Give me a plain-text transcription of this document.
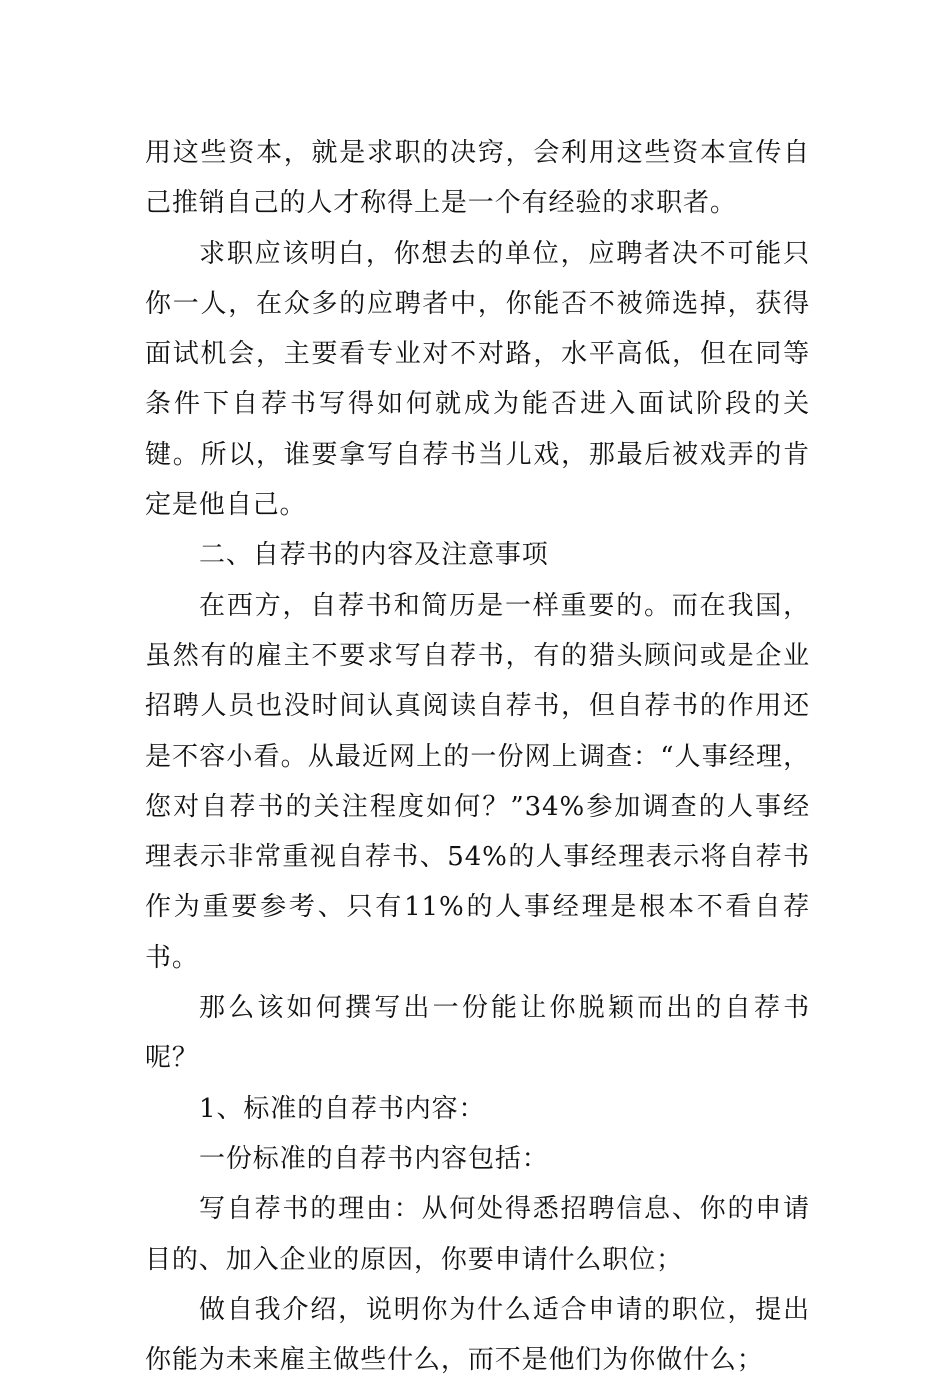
用这些资本，就是求职的决窍，会利用这些资本宣传自己推销自己的人才称得上是一个有经验的求职者。

求职应该明白，你想去的单位，应聘者决不可能只你一人，在众多的应聘者中，你能否不被筛选掉，获得面试机会，主要看专业对不对路，水平高低，但在同等条件下自荐书写得如何就成为能否进入面试阶段的关键。所以，谁要拿写自荐书当儿戏，那最后被戏弄的肯定是他自己。

二、自荐书的内容及注意事项

在西方，自荐书和简历是一样重要的。而在我国，虽然有的雇主不要求写自荐书，有的猎头顾问或是企业招聘人员也没时间认真阅读自荐书，但自荐书的作用还是不容小看。从最近网上的一份网上调查：“人事经理，您对自荐书的关注程度如何？”34%参加调查的人事经理表示非常重视自荐书、54%的人事经理表示将自荐书作为重要参考、只有11%的人事经理是根本不看自荐书。

那么该如何撰写出一份能让你脱颖而出的自荐书呢？

1、标准的自荐书内容：

一份标准的自荐书内容包括：

写自荐书的理由：从何处得悉招聘信息、你的申请目的、加入企业的原因，你要申请什么职位；

做自我介绍，说明你为什么适合申请的职位，提出你能为未来雇主做些什么，而不是他们为你做什么；
